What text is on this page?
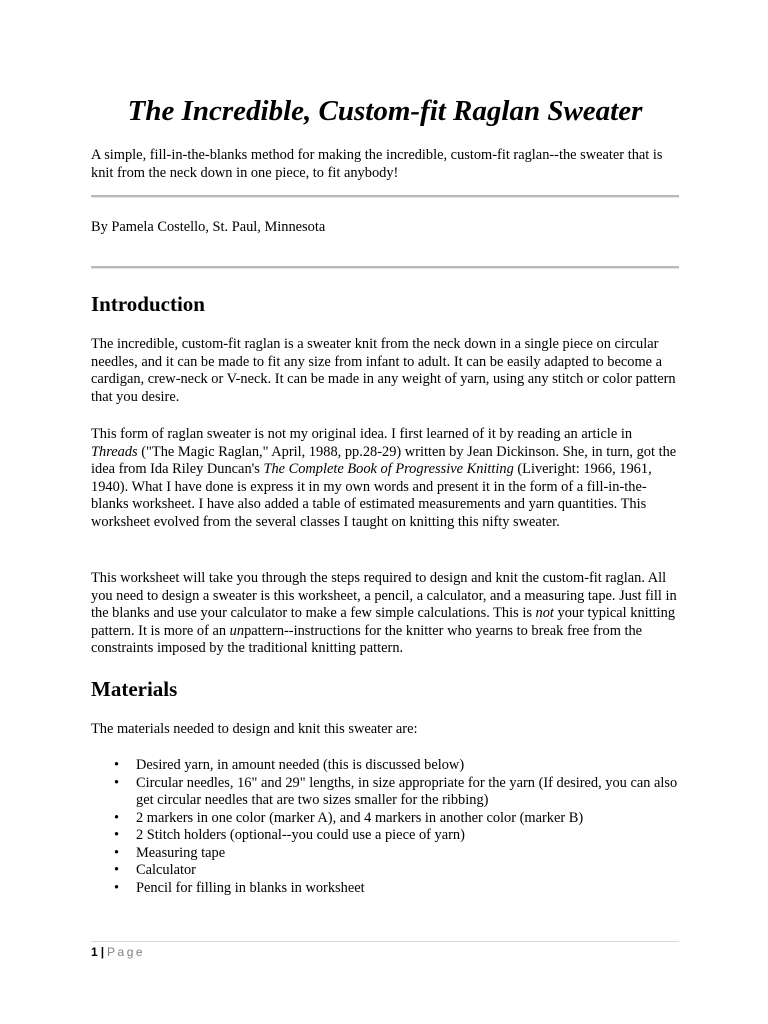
The Incredible, Custom-fit Raglan Sweater

A simple, fill-in-the-blanks method for making the incredible, custom-fit raglan--the sweater that is knit from the neck down in one piece, to fit anybody!

By Pamela Costello, St. Paul, Minnesota

Introduction

The incredible, custom-fit raglan is a sweater knit from the neck down in a single piece on circular needles, and it can be made to fit any size from infant to adult. It can be easily adapted to become a cardigan, crew-neck or V-neck. It can be made in any weight of yarn, using any stitch or color pattern that you desire.

This form of raglan sweater is not my original idea. I first learned of it by reading an article in Threads ("The Magic Raglan," April, 1988, pp.28-29) written by Jean Dickinson. She, in turn, got the idea from Ida Riley Duncan's The Complete Book of Progressive Knitting (Liveright: 1966, 1961, 1940). What I have done is express it in my own words and present it in the form of a fill-in-the-blanks worksheet. I have also added a table of estimated measurements and yarn quantities. This worksheet evolved from the several classes I taught on knitting this nifty sweater.

This worksheet will take you through the steps required to design and knit the custom-fit raglan. All you need to design a sweater is this worksheet, a pencil, a calculator, and a measuring tape. Just fill in the blanks and use your calculator to make a few simple calculations. This is not your typical knitting pattern. It is more of an unpattern--instructions for the knitter who yearns to break free from the constraints imposed by the traditional knitting pattern.

Materials

The materials needed to design and knit this sweater are:

• Desired yarn, in amount needed (this is discussed below)
• Circular needles, 16" and 29" lengths, in size appropriate for the yarn (If desired, you can also get circular needles that are two sizes smaller for the ribbing)
• 2 markers in one color (marker A), and 4 markers in another color (marker B)
• 2 Stitch holders (optional--you could use a piece of yarn)
• Measuring tape
• Calculator
• Pencil for filling in blanks in worksheet
1 | Page
